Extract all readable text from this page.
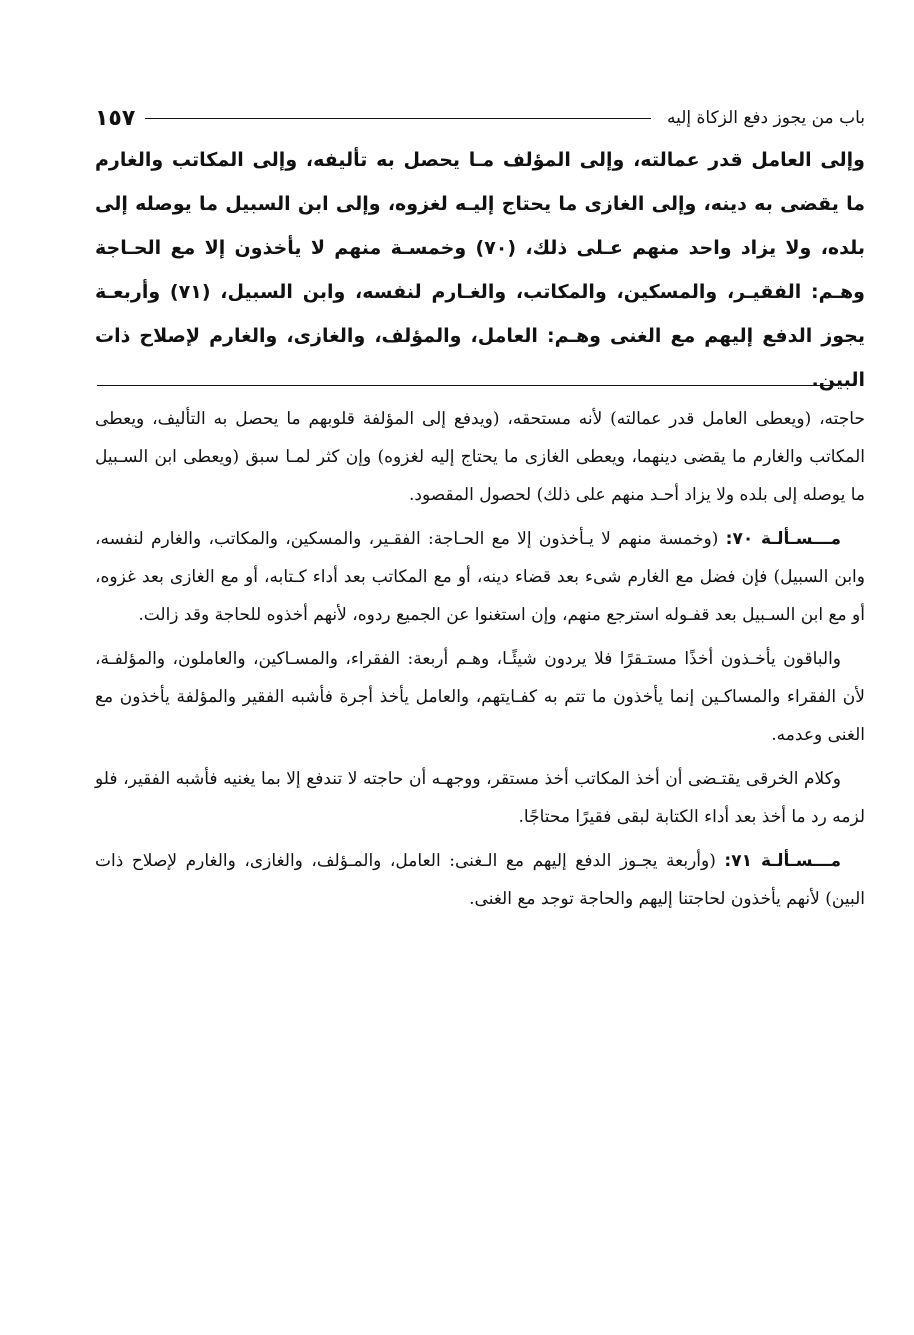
باب من يجوز دفع الزكاة إليه
١٥٧

وإلى العامل قدر عمالته، وإلى المؤلف مـا يحصل به تأليفه، وإلى المكاتب والغارم ما يقضى به دينه، وإلى الغازى ما يحتاج إليـه لغزوه، وإلى ابن السبيل ما يوصله إلى بلده، ولا يزاد واحد منهم عـلى ذلك، (٧٠) وخمسـة منهم لا يأخذون إلا مع الحـاجة وهـم: الفقيـر، والمسكين، والمكاتب، والغـارم لنفسه، وابن السبيل، (٧١) وأربعـة يجوز الدفع إليهم مع الغنى وهـم: العامل، والمؤلف، والغازى، والغارم لإصلاح ذات البين.

حاجته، (ويعطى العامل قدر عمالته) لأنه مستحقه، (ويدفع إلى المؤلفة قلوبهم ما يحصل به التأليف، ويعطى المكاتب والغارم ما يقضى دينهما، ويعطى الغازى ما يحتاج إليه لغزوه) وإن كثر لمـا سبق (ويعطى ابن السـبيل ما يوصله إلى بلده ولا يزاد أحـد منهم على ذلك) لحصول المقصود.

مـــسـألـة ٧٠: (وخمسة منهم لا يـأخذون إلا مع الحـاجة: الفقـير، والمسكين، والمكاتب، والغارم لنفسه، وابن السبيل) فإن فضل مع الغارم شىء بعد قضاء دينه، أو مع المكاتب بعد أداء كـتابه، أو مع الغازى بعد غزوه، أو مع ابن السـبيل بعد قفـوله استرجع منهم، وإن استغنوا عن الجميع ردوه، لأنهم أخذوه للحاجة وقد زالت.

والباقون يأخـذون أخذًا مستـقرًا فلا يردون شيئًـا، وهـم أربعة: الفقراء، والمسـاكين، والعاملون، والمؤلفـة، لأن الفقراء والمساكـين إنما يأخذون ما تتم به كفـايتهم، والعامل يأخذ أجرة فأشبه الفقير والمؤلفة يأخذون مع الغنى وعدمه.

وكلام الخرقى يقتـضى أن أخذ المكاتب أخذ مستقر، ووجهـه أن حاجته لا تندفع إلا بما يغنيه فأشبه الفقير، فلو لزمه رد ما أخذ بعد أداء الكتابة لبقى فقيرًا محتاجًا.

مـــسـألـة ٧١: (وأربعة يجـوز الدفع إليهم مع الـغنى: العامل، والمـؤلف، والغازى، والغارم لإصلاح ذات البين) لأنهم يأخذون لحاجتنا إليهم والحاجة توجد مع الغنى.
